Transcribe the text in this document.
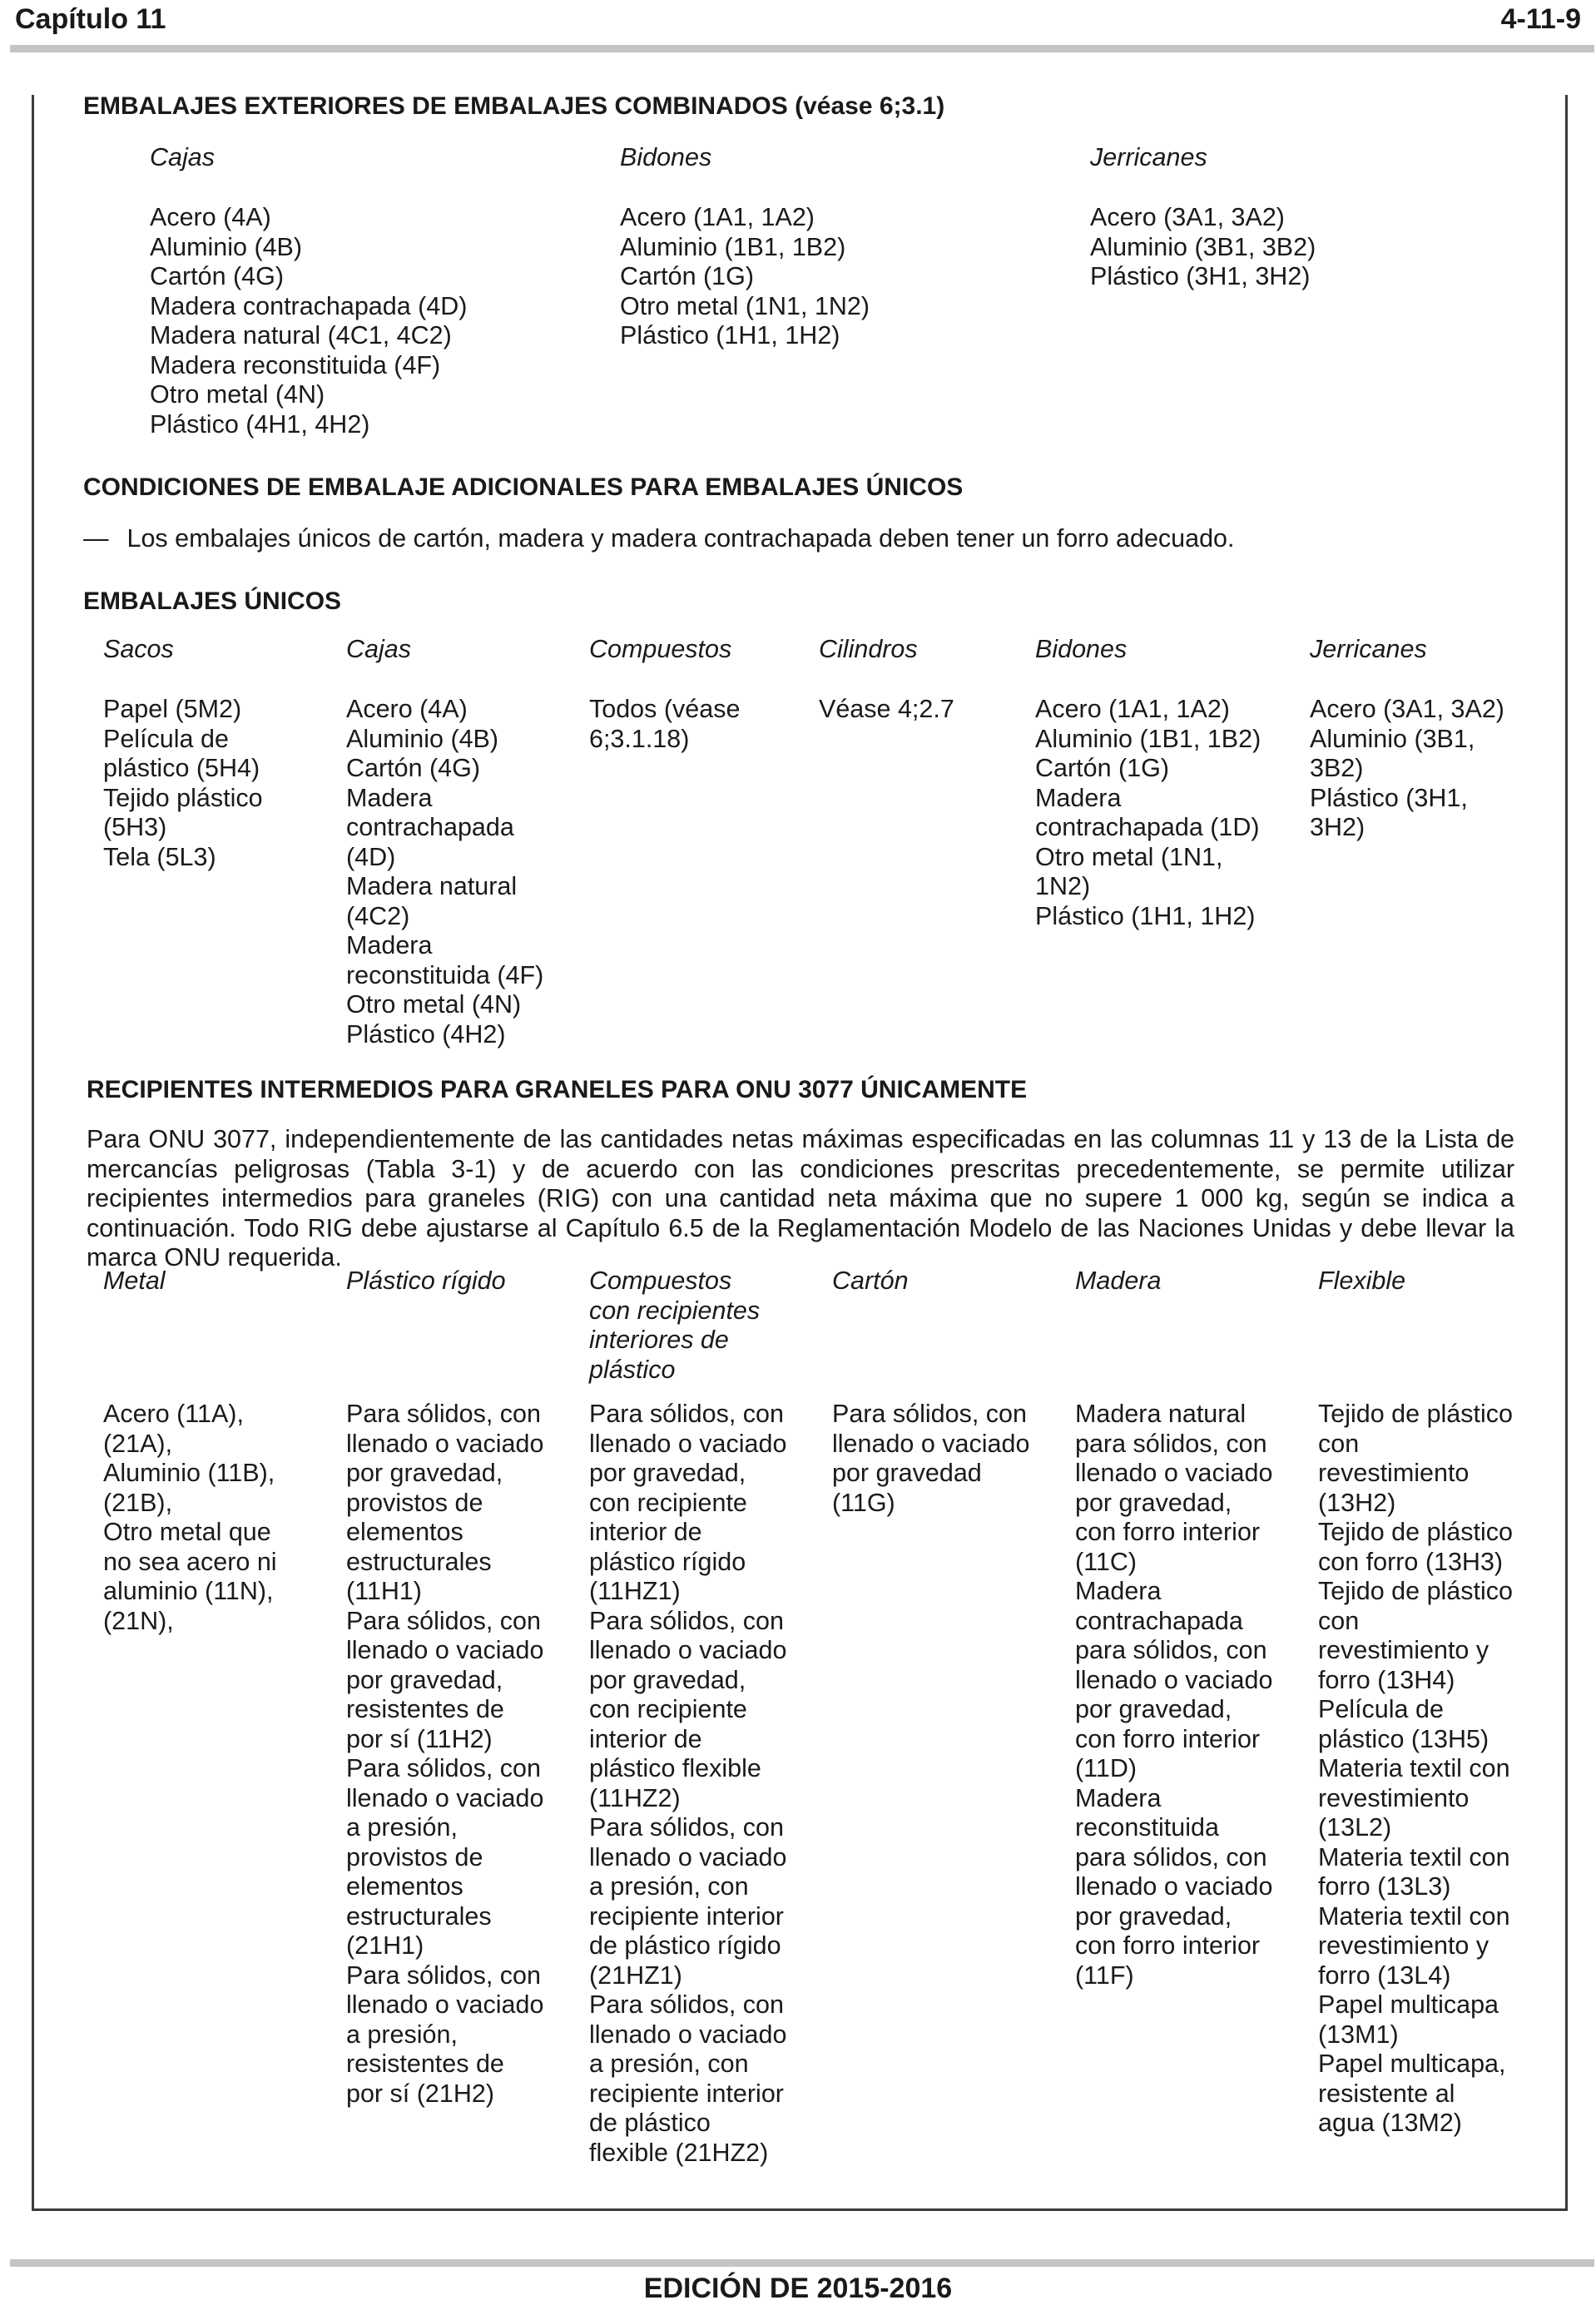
Capítulo 11	4-11-9

EMBALAJES EXTERIORES DE EMBALAJES COMBINADOS (véase 6;3.1)

Cajas
Acero (4A)
Aluminio (4B)
Cartón (4G)
Madera contrachapada (4D)
Madera natural (4C1, 4C2)
Madera reconstituida (4F)
Otro metal (4N)
Plástico (4H1, 4H2)
Bidones
Acero (1A1, 1A2)
Aluminio (1B1, 1B2)
Cartón (1G)
Otro metal (1N1, 1N2)
Plástico (1H1, 1H2)
Jerricanes
Acero (3A1, 3A2)
Aluminio (3B1, 3B2)
Plástico (3H1, 3H2)

CONDICIONES DE EMBALAJE ADICIONALES PARA EMBALAJES ÚNICOS

— Los embalajes únicos de cartón, madera y madera contrachapada deben tener un forro adecuado.

EMBALAJES ÚNICOS

Sacos
Papel (5M2)
Película de
plástico (5H4)
Tejido plástico
(5H3)
Tela (5L3)
Cajas
Acero (4A)
Aluminio (4B)
Cartón (4G)
Madera
contrachapada
(4D)
Madera natural
(4C2)
Madera
reconstituida (4F)
Otro metal (4N)
Plástico (4H2)
Compuestos
Todos (véase
6;3.1.18)
Cilindros
Véase 4;2.7
Bidones
Acero (1A1, 1A2)
Aluminio (1B1, 1B2)
Cartón (1G)
Madera
contrachapada (1D)
Otro metal (1N1,
1N2)
Plástico (1H1, 1H2)
Jerricanes
Acero (3A1, 3A2)
Aluminio (3B1,
3B2)
Plástico (3H1,
3H2)

RECIPIENTES INTERMEDIOS PARA GRANELES PARA ONU 3077 ÚNICAMENTE

Para ONU 3077, independientemente de las cantidades netas máximas especificadas en las columnas 11 y 13 de la Lista de mercancías peligrosas (Tabla 3-1) y de acuerdo con las condiciones prescritas precedentemente, se permite utilizar recipientes intermedios para graneles (RIG) con una cantidad neta máxima que no supere 1 000 kg, según se indica a continuación. Todo RIG debe ajustarse al Capítulo 6.5 de la Reglamentación Modelo de las Naciones Unidas y debe llevar la marca ONU requerida.
Metal
Acero (11A),
(21A),
Aluminio (11B),
(21B),
Otro metal que
no sea acero ni
aluminio (11N),
(21N),
Plástico rígido
Para sólidos, con
llenado o vaciado
por gravedad,
provistos de
elementos
estructurales
(11H1)
Para sólidos, con
llenado o vaciado
por gravedad,
resistentes de
por sí (11H2)
Para sólidos, con
llenado o vaciado
a presión,
provistos de
elementos
estructurales
(21H1)
Para sólidos, con
llenado o vaciado
a presión,
resistentes de
por sí (21H2)
Compuestos
con recipientes
interiores de
plástico
Para sólidos, con
llenado o vaciado
por gravedad,
con recipiente
interior de
plástico rígido
(11HZ1)
Para sólidos, con
llenado o vaciado
por gravedad,
con recipiente
interior de
plástico flexible
(11HZ2)
Para sólidos, con
llenado o vaciado
a presión, con
recipiente interior
de plástico rígido
(21HZ1)
Para sólidos, con
llenado o vaciado
a presión, con
recipiente interior
de plástico
flexible (21HZ2)
Cartón
Para sólidos, con
llenado o vaciado
por gravedad
(11G)
Madera
Madera natural
para sólidos, con
llenado o vaciado
por gravedad,
con forro interior
(11C)
Madera
contrachapada
para sólidos, con
llenado o vaciado
por gravedad,
con forro interior
(11D)
Madera
reconstituida
para sólidos, con
llenado o vaciado
por gravedad,
con forro interior
(11F)
Flexible
Tejido de plástico
con
revestimiento
(13H2)
Tejido de plástico
con forro (13H3)
Tejido de plástico
con
revestimiento y
forro (13H4)
Película de
plástico (13H5)
Materia textil con
revestimiento
(13L2)
Materia textil con
forro (13L3)
Materia textil con
revestimiento y
forro (13L4)
Papel multicapa
(13M1)
Papel multicapa,
resistente al
agua (13M2)
EDICIÓN DE 2015-2016
